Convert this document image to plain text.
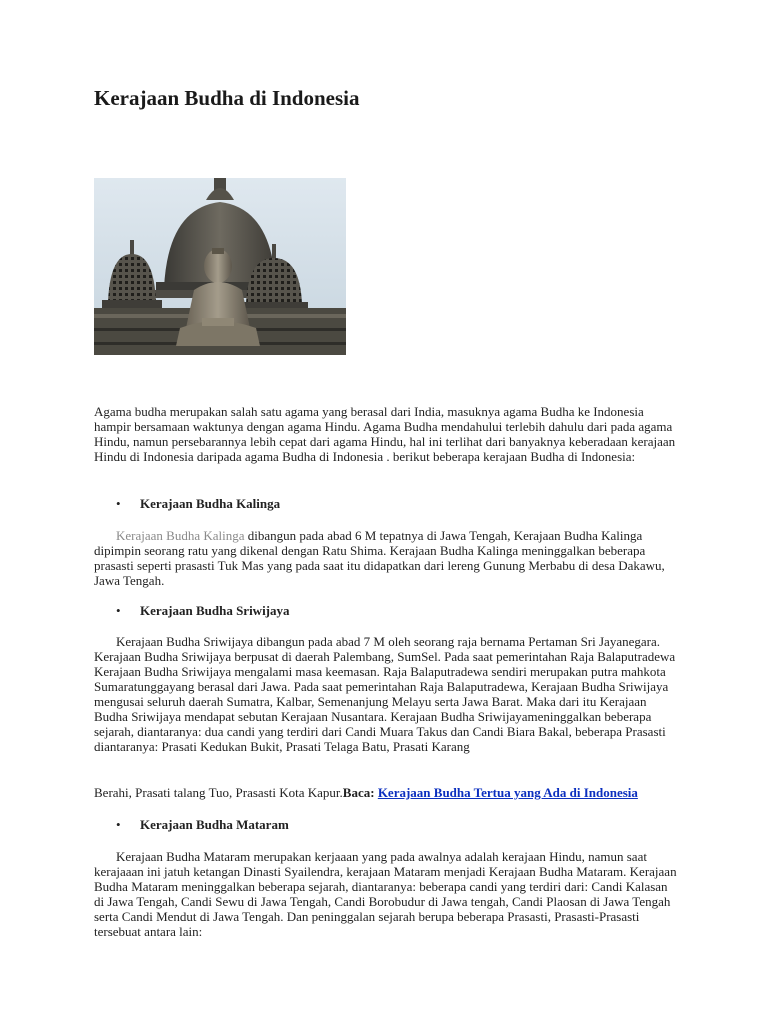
Kerajaan Budha di Indonesia

Agama budha merupakan salah satu agama yang berasal dari India, masuknya agama Budha ke Indonesia hampir bersamaan waktunya dengan agama Hindu. Agama Budha mendahului terlebih dahulu dari pada agama Hindu, namun persebarannya lebih cepat dari agama Hindu, hal ini terlihat dari banyaknya keberadaan kerajaan Hindu di Indonesia daripada agama Budha di Indonesia . berikut beberapa kerajaan Budha di Indonesia:

• Kerajaan Budha Kalinga

Kerajaan Budha Kalinga dibangun pada abad 6 M tepatnya di Jawa Tengah, Kerajaan Budha Kalinga dipimpin seorang ratu yang dikenal dengan Ratu Shima. Kerajaan Budha Kalinga meninggalkan beberapa prasasti seperti prasasti Tuk Mas yang pada saat itu didapatkan dari lereng Gunung Merbabu di desa Dakawu, Jawa Tengah.

• Kerajaan Budha Sriwijaya

Kerajaan Budha Sriwijaya dibangun pada abad 7 M oleh seorang raja bernama Pertaman Sri Jayanegara. Kerajaan Budha Sriwijaya berpusat di daerah Palembang, SumSel. Pada saat pemerintahan Raja Balaputradewa Kerajaan Budha Sriwijaya mengalami masa keemasan. Raja Balaputradewa sendiri merupakan putra mahkota Sumaratunggayang berasal dari Jawa. Pada saat pemerintahan Raja Balaputradewa, Kerajaan Budha Sriwijaya mengusai seluruh daerah Sumatra, Kalbar, Semenanjung Melayu serta Jawa Barat. Maka dari itu Kerajaan Budha Sriwijaya mendapat sebutan Kerajaan Nusantara. Kerajaan Budha Sriwijayameninggalkan beberapa sejarah, diantaranya: dua candi yang terdiri dari Candi Muara Takus dan Candi Biara Bakal, beberapa Prasasti diantaranya: Prasati Kedukan Bukit, Prasati Telaga Batu, Prasati Karang

Berahi, Prasati talang Tuo, Prasasti Kota Kapur.Baca: Kerajaan Budha Tertua yang Ada di Indonesia

• Kerajaan Budha Mataram

Kerajaan Budha Mataram merupakan kerjaaan yang pada awalnya adalah kerajaan Hindu, namun saat kerajaaan ini jatuh ketangan Dinasti Syailendra, kerajaan Mataram menjadi Kerajaan Budha Mataram. Kerajaan Budha Mataram meninggalkan beberapa sejarah, diantaranya: beberapa candi yang terdiri dari: Candi Kalasan di Jawa Tengah, Candi Sewu di Jawa Tengah, Candi Borobudur di Jawa tengah, Candi Plaosan di Jawa Tengah serta Candi Mendut di Jawa Tengah. Dan peninggalan sejarah berupa beberapa Prasasti, Prasasti-Prasasti tersebuat antara lain:
